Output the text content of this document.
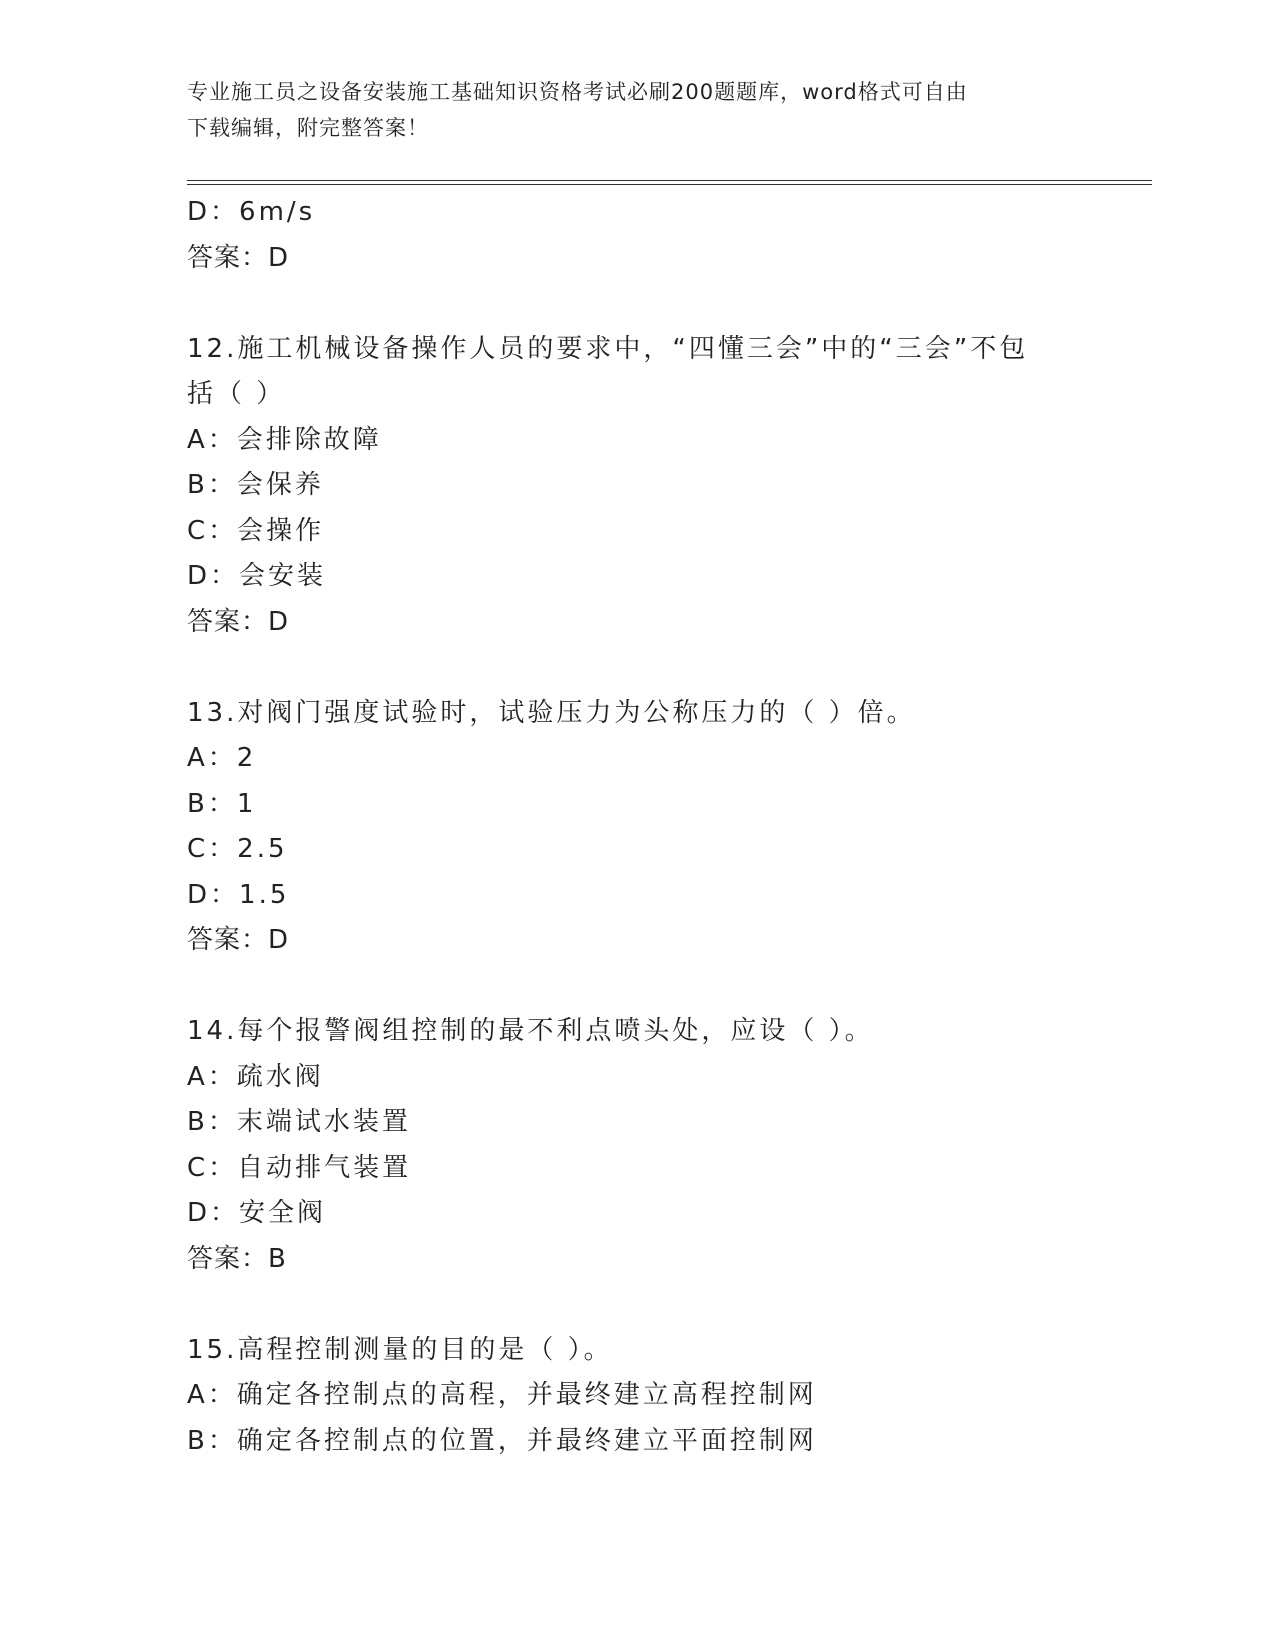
专业施工员之设备安装施工基础知识资格考试必刷200题题库，word格式可自由
下载编辑，附完整答案！
D：6m/s
答案：D
12.施工机械设备操作人员的要求中，“四懂三会”中的“三会”不包
括（ ）
A：会排除故障
B：会保养
C：会操作
D：会安装
答案：D
13.对阀门强度试验时，试验压力为公称压力的（ ）倍。
A：2
B：1
C：2.5
D：1.5
答案：D
14.每个报警阀组控制的最不利点喷头处，应设（ ）。
A：疏水阀
B：末端试水装置
C：自动排气装置
D：安全阀
答案：B
15.高程控制测量的目的是（ ）。
A：确定各控制点的高程，并最终建立高程控制网
B：确定各控制点的位置，并最终建立平面控制网
